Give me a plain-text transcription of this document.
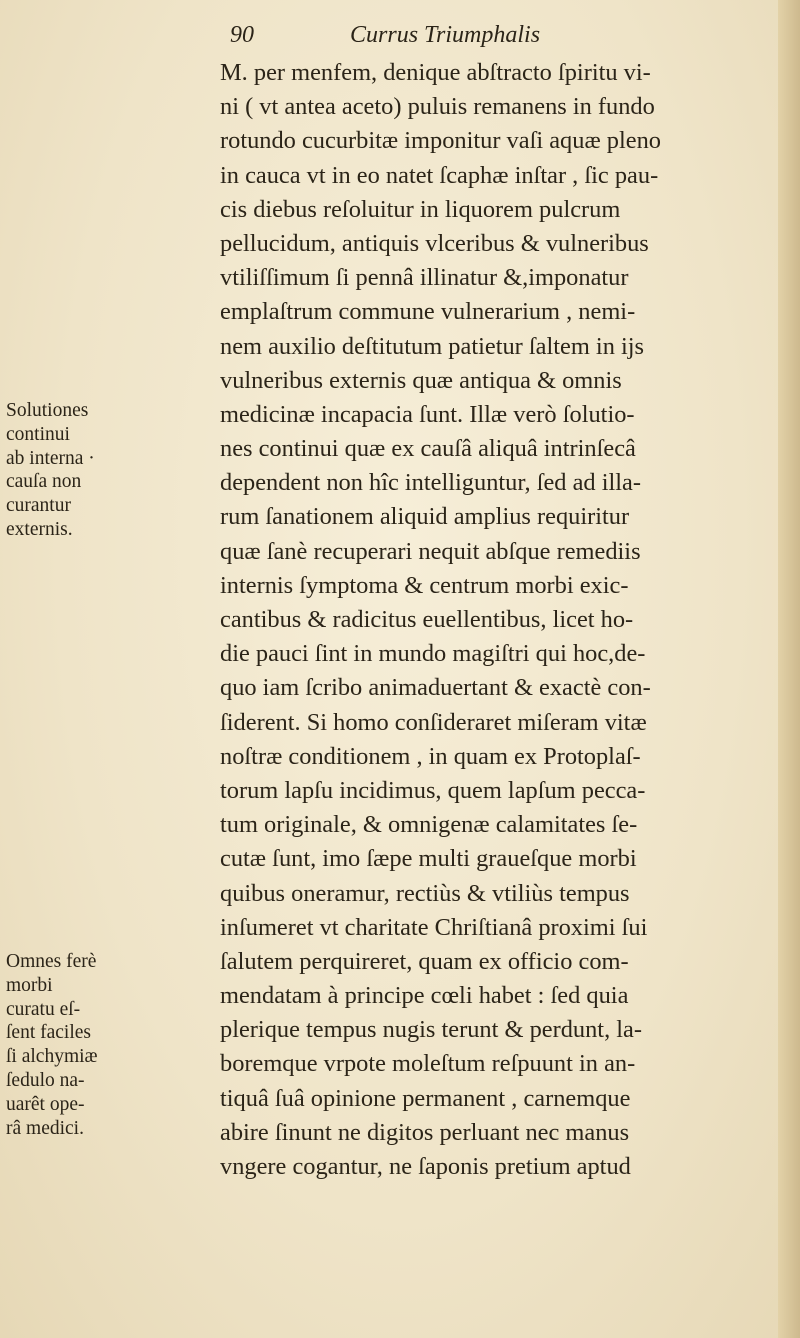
90	Currus Triumphalis
M. per menfem, denique abſtracto ſpiritu vi-
ni ( vt antea aceto) puluis remanens in fundo
rotundo cucurbitæ imponitur vaſi aquæ pleno
in cauca vt in eo natet ſcaphæ inſtar , ſic pau-
cis diebus reſoluitur in liquorem pulcrum
pellucidum, antiquis vlceribus & vulneribus
vtiliſſimum ſi pennâ illinatur &,imponatur
emplaſtrum commune vulnerarium , nemi-
nem auxilio deſtitutum patietur ſaltem in ijs
vulneribus externis quæ antiqua & omnis
medicinæ incapacia ſunt. Illæ verò ſolutio-
nes continui quæ ex cauſâ aliquâ intrinſecâ
dependent non hîc intelliguntur, ſed ad illa-
rum ſanationem aliquid amplius requiritur
quæ ſanè recuperari nequit abſque remediis
internis ſymptoma & centrum morbi exic-
cantibus & radicitus euellentibus, licet ho-
die pauci ſint in mundo magiſtri qui hoc,de-
quo iam ſcribo animaduertant & exactè con-
ſiderent. Si homo conſideraret miſeram vitæ
noſtræ conditionem , in quam ex Protoplaſ-
torum lapſu incidimus, quem lapſum pecca-
tum originale, & omnigenæ calamitates ſe-
cutæ ſunt, imo ſæpe multi graueſque morbi
quibus oneramur, rectiùs & vtiliùs tempus
inſumeret vt charitate Chriſtianâ proximi ſui
ſalutem perquireret, quam ex officio com-
mendatam à principe cœli habet : ſed quia
plerique tempus nugis terunt & perdunt, la-
boremque vrpote moleſtum reſpuunt in an-
tiquâ ſuâ opinione permanent , carnemque
abire ſinunt ne digitos perluant nec manus
vngere cogantur, ne ſaponis pretium aptud
Solutiones
continui
ab interna ·
cauſa non
curantur
externis.
Omnes ferè
morbi
curatu eſ-
ſent faciles
ſi alchymiæ
ſedulo na-
uarêt ope-
râ medici.
